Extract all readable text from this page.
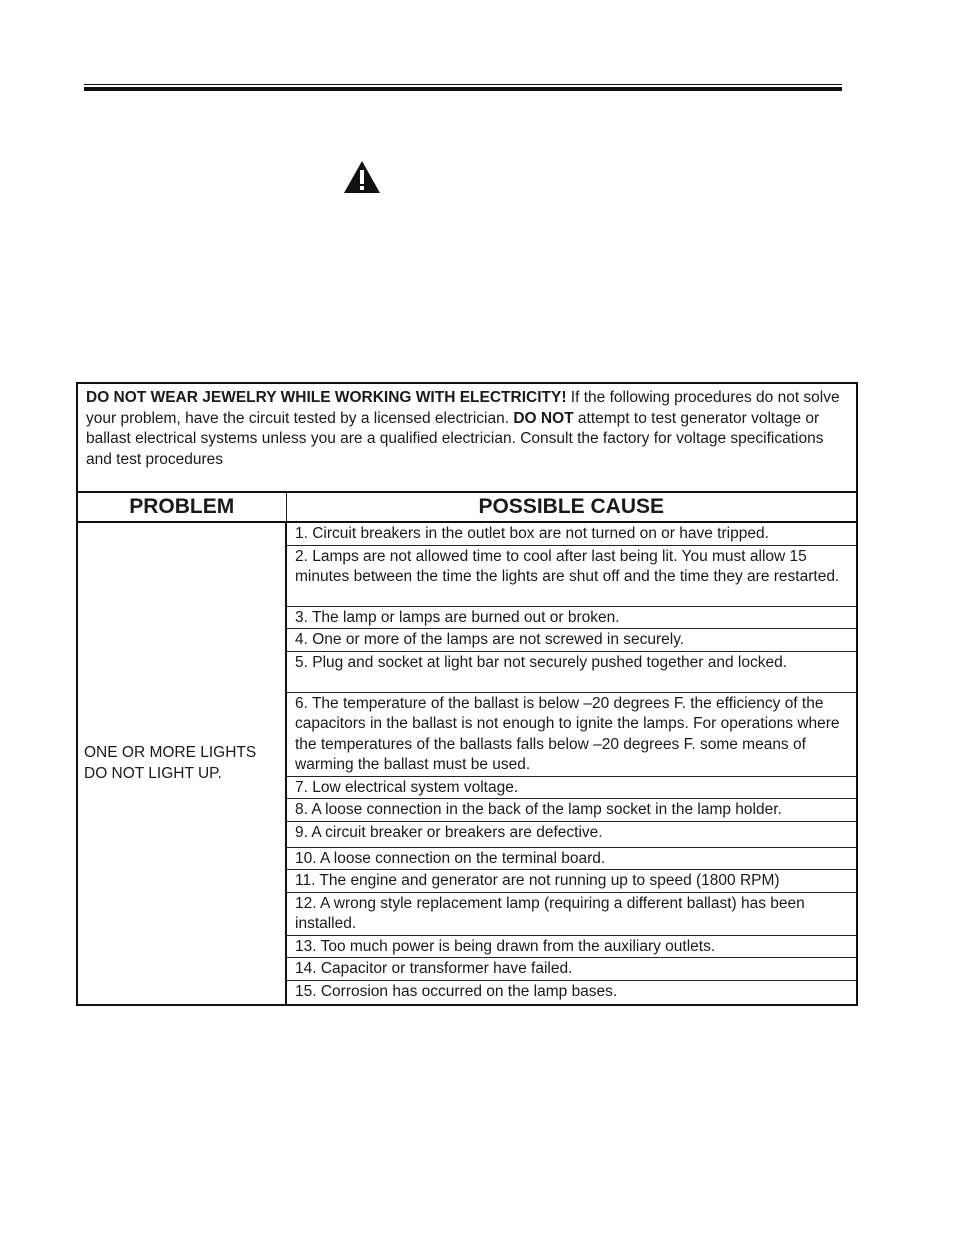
DO NOT WEAR JEWELRY WHILE WORKING WITH ELECTRICITY! If the following procedures do not solve your problem, have the circuit tested by a licensed electrician. DO NOT attempt to test generator voltage or ballast electrical systems unless you are a qualified electrician. Consult the factory for voltage specifications and test procedures	
PROBLEM	POSSIBLE CAUSE
ONE OR MORE LIGHTS DO NOT LIGHT UP.	1. Circuit breakers in the outlet box are not turned on or have tripped.
	2. Lamps are not allowed time to cool after last being lit. You must allow 15 minutes between the time the lights are shut off and the time they are restarted.
	3. The lamp or lamps are burned out or broken.
	4. One or more of the lamps are not screwed in securely.
	5. Plug and socket at light bar not securely pushed together and locked.
	6. The temperature of the ballast is below –20 degrees F. the efficiency of the capacitors in the ballast is not enough to ignite the lamps. For operations where the temperatures of the ballasts falls below –20 degrees F. some means of warming the ballast must be used.
	7. Low electrical system voltage.
	8. A loose connection in the back of the lamp socket in the lamp holder.
	9. A circuit breaker or breakers are defective.
	10. A loose connection on the terminal board.
	11. The engine and generator are not running up to speed (1800 RPM)
	12. A wrong style replacement lamp (requiring a different ballast) has been installed.
	13. Too much power is being drawn from the auxiliary outlets.
	14. Capacitor or transformer have failed.
	15. Corrosion has occurred on the lamp bases.
